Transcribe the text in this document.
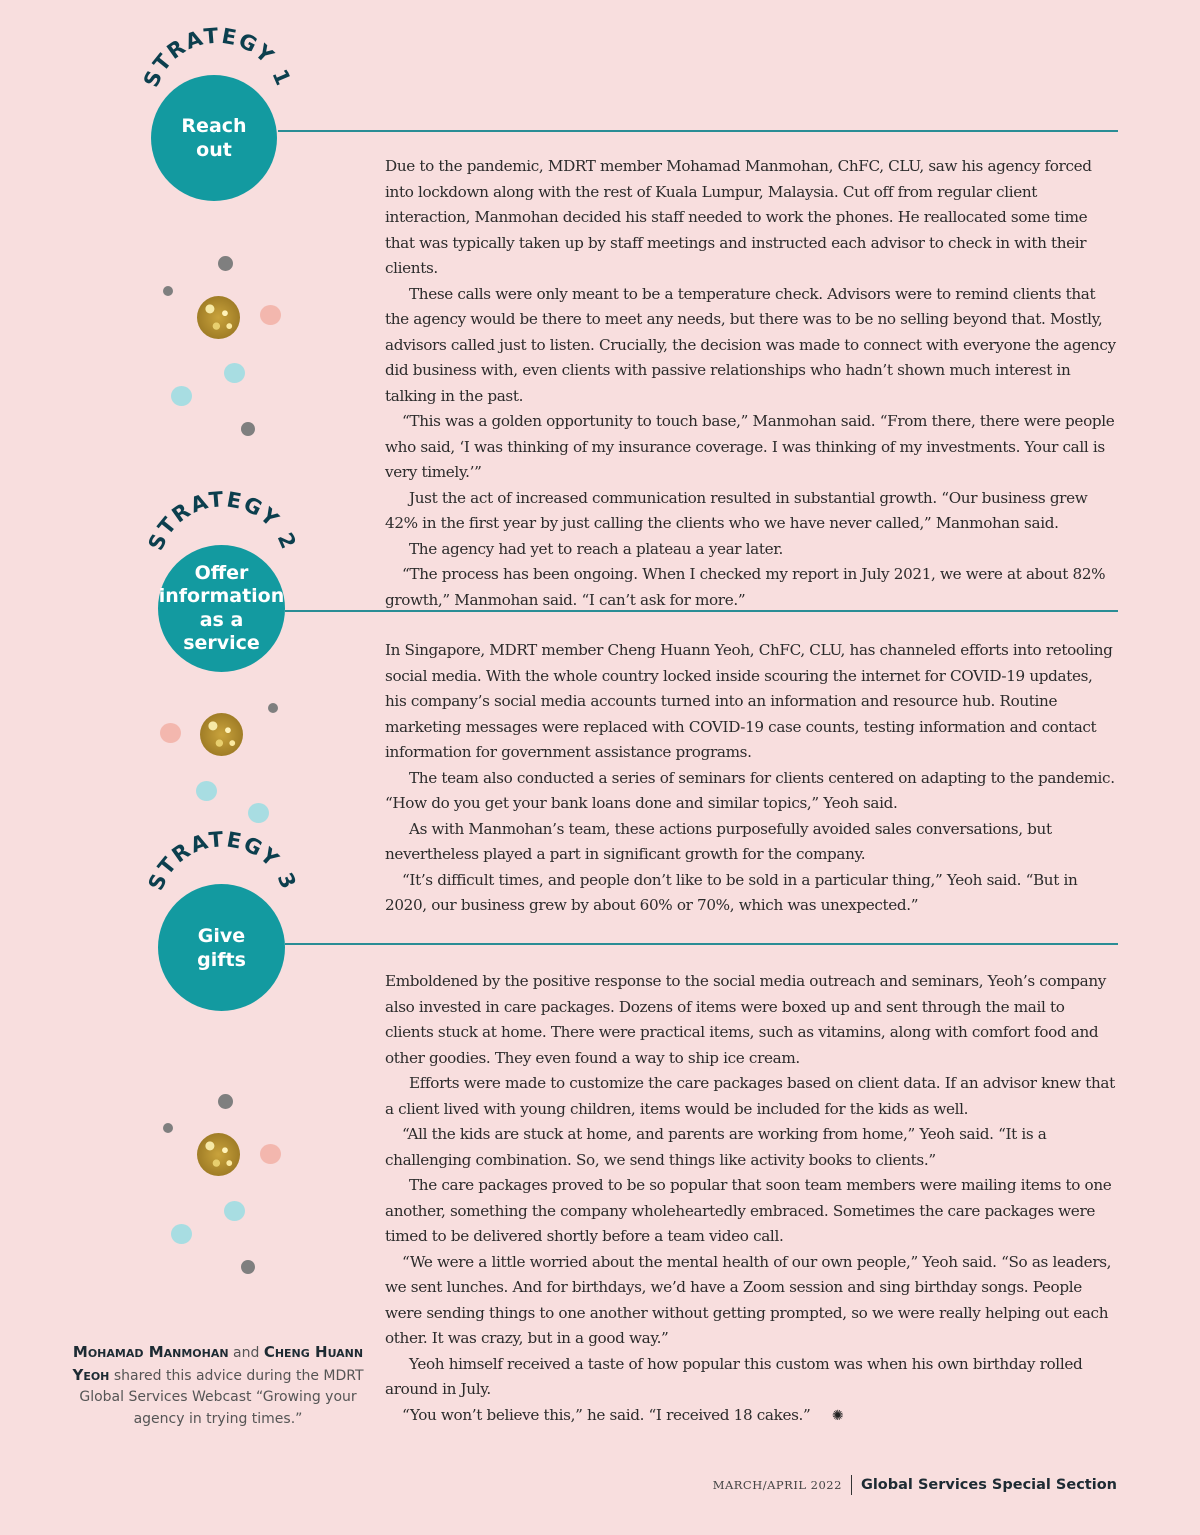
STRATEGY 1
Reach
out

Due to the pandemic, MDRT member Mohamad Manmohan, ChFC, CLU, saw his agency forced into lockdown along with the rest of Kuala Lumpur, Malaysia. Cut off from regular client interaction, Manmohan decided his staff needed to work the phones. He reallocated some time that was typically taken up by staff meetings and instructed each advisor to check in with their clients.

These calls were only meant to be a temperature check. Advisors were to remind clients that the agency would be there to meet any needs, but there was to be no selling beyond that. Mostly, advisors called just to listen. Crucially, the decision was made to connect with everyone the agency did business with, even clients with passive relationships who hadn’t shown much interest in talking in the past.

“This was a golden opportunity to touch base,” Manmohan said. “From there, there were people who said, ‘I was thinking of my insurance coverage. I was thinking of my investments. Your call is very timely.’”

Just the act of increased communication resulted in substantial growth. “Our business grew 42% in the first year by just calling the clients who we have never called,” Manmohan said.

The agency had yet to reach a plateau a year later.

“The process has been ongoing. When I checked my report in July 2021, we were at about 82% growth,” Manmohan said. “I can’t ask for more.”

STRATEGY 2
Offer
information
as a
service	In Singapore, MDRT member Cheng Huann Yeoh, ChFC, CLU, has channeled efforts into retooling social media. With the whole country locked inside scouring the internet for COVID-19 updates, his company’s social media accounts turned into an information and resource hub. Routine marketing messages were replaced with COVID-19 case counts, testing information and contact information for government assistance programs.

The team also conducted a series of seminars for clients centered on adapting to the pandemic. “How do you get your bank loans done and similar topics,” Yeoh said.

As with Manmohan’s team, these actions purposefully avoided sales conversations, but nevertheless played a part in significant growth for the company.

“It’s difficult times, and people don’t like to be sold in a particular thing,” Yeoh said. “But in 2020, our business grew by about 60% or 70%, which was unexpected.”

STRATEGY 3
Give
gifts

Emboldened by the positive response to the social media outreach and seminars, Yeoh’s company also invested in care packages. Dozens of items were boxed up and sent through the mail to clients stuck at home. There were practical items, such as vitamins, along with comfort food and other goodies. They even found a way to ship ice cream.

Efforts were made to customize the care packages based on client data. If an advisor knew that a client lived with young children, items would be included for the kids as well.

“All the kids are stuck at home, and parents are working from home,” Yeoh said. “It is a challenging combination. So, we send things like activity books to clients.”

The care packages proved to be so popular that soon team members were mailing items to one another, something the company wholeheartedly embraced. Sometimes the care packages were timed to be delivered shortly before a team video call.

“We were a little worried about the mental health of our own people,” Yeoh said. “So as leaders, we sent lunches. And for birthdays, we’d have a Zoom session and sing birthday songs. People were sending things to one another without getting prompted, so we were really helping out each other. It was crazy, but in a good way.”

Yeoh himself received a taste of how popular this custom was when his own birthday rolled around in July.

“You won’t believe this,” he said. “I received 18 cakes.” ✺

Mohamad Manmohan and Cheng Huann Yeoh shared this advice during the MDRT Global Services Webcast “Growing your agency in trying times.”
MARCH/APRIL 2022 Global Services Special Section
